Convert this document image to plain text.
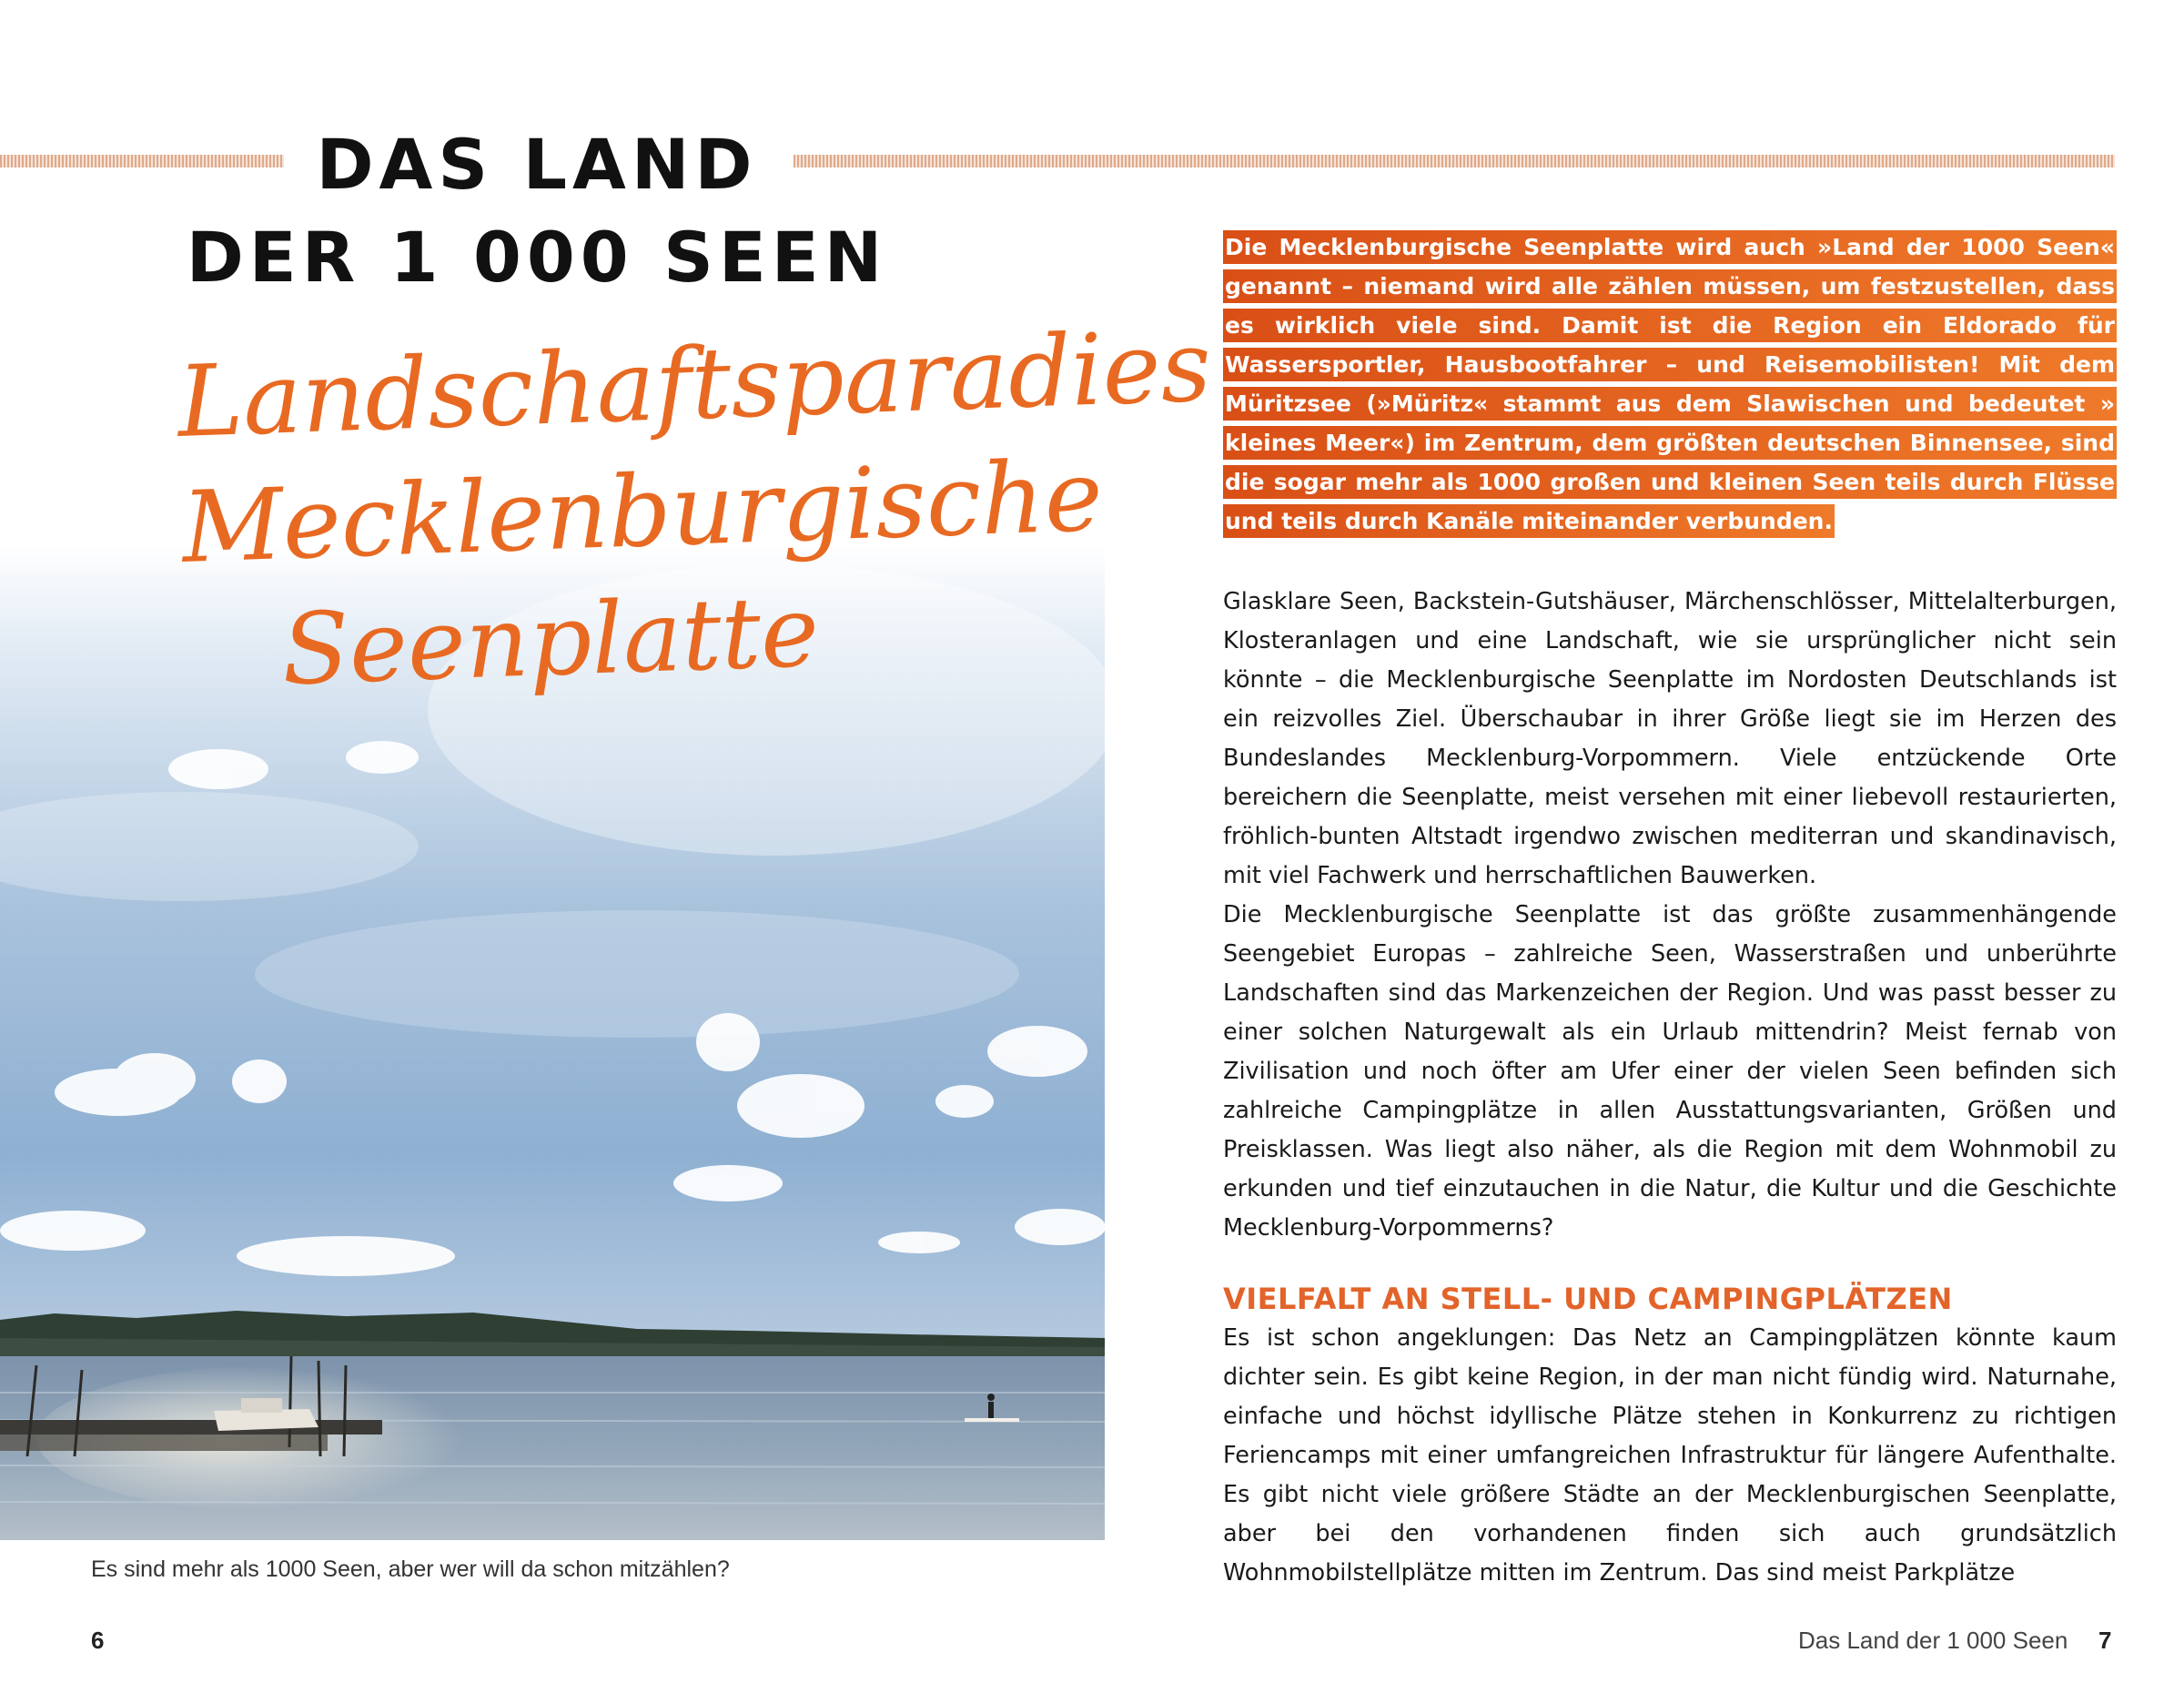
DAS LAND
DER 1 000 SEEN
Landschaftsparadies
Mecklenburgische
Seenplatte
Es sind mehr als 1000 Seen, aber wer will da schon mitzählen?
6
Die Mecklenburgische Seenplatte wird auch »Land der 1000 Seen« genannt – niemand wird alle zählen müssen, um festzustellen, dass es wirklich viele sind. Damit ist die Region ein Eldorado für Wassersportler, Hausbootfahrer – und Reisemobilisten! Mit dem Müritzsee (»Müritz« stammt aus dem Slawischen und bedeutet » kleines Meer«) im Zentrum, dem größten deutschen Binnensee, sind die sogar mehr als 1000 großen und kleinen Seen teils durch Flüsse und teils durch Kanäle miteinander verbunden.

Glasklare Seen, Backstein-Gutshäuser, Märchenschlösser, Mittelalterburgen, Klosteranlagen und eine Landschaft, wie sie ursprünglicher nicht sein könnte – die Mecklenburgische Seenplatte im Nordosten Deutschlands ist ein reizvolles Ziel. Überschaubar in ihrer Größe liegt sie im Herzen des Bundeslandes Mecklenburg-Vorpommern. Viele entzückende Orte bereichern die Seenplatte, meist versehen mit einer liebevoll restaurierten, fröhlich-bunten Altstadt irgendwo zwischen mediterran und skandinavisch, mit viel Fachwerk und herrschaftlichen Bauwerken.

Die Mecklenburgische Seenplatte ist das größte zusammenhängende Seengebiet Europas – zahlreiche Seen, Wasserstraßen und unberührte Landschaften sind das Markenzeichen der Region. Und was passt besser zu einer solchen Naturgewalt als ein Urlaub mittendrin? Meist fernab von Zivilisation und noch öfter am Ufer einer der vielen Seen befinden sich zahlreiche Campingplätze in allen Ausstattungsvarianten, Größen und Preisklassen. Was liegt also näher, als die Region mit dem Wohnmobil zu erkunden und tief einzutauchen in die Natur, die Kultur und die Geschichte Mecklenburg-Vorpommerns?

VIELFALT AN STELL- UND CAMPINGPLÄTZEN

Es ist schon angeklungen: Das Netz an Campingplätzen könnte kaum dichter sein. Es gibt keine Region, in der man nicht fündig wird. Naturnahe, einfache und höchst idyllische Plätze stehen in Konkurrenz zu richtigen Feriencamps mit einer umfangreichen Infrastruktur für längere Aufenthalte. Es gibt nicht viele größere Städte an der Mecklenburgischen Seenplatte, aber bei den vorhandenen finden sich auch grundsätzlich Wohnmobilstellplätze mitten im Zentrum. Das sind meist Parkplätze

Das Land der 1 000 Seen 7
